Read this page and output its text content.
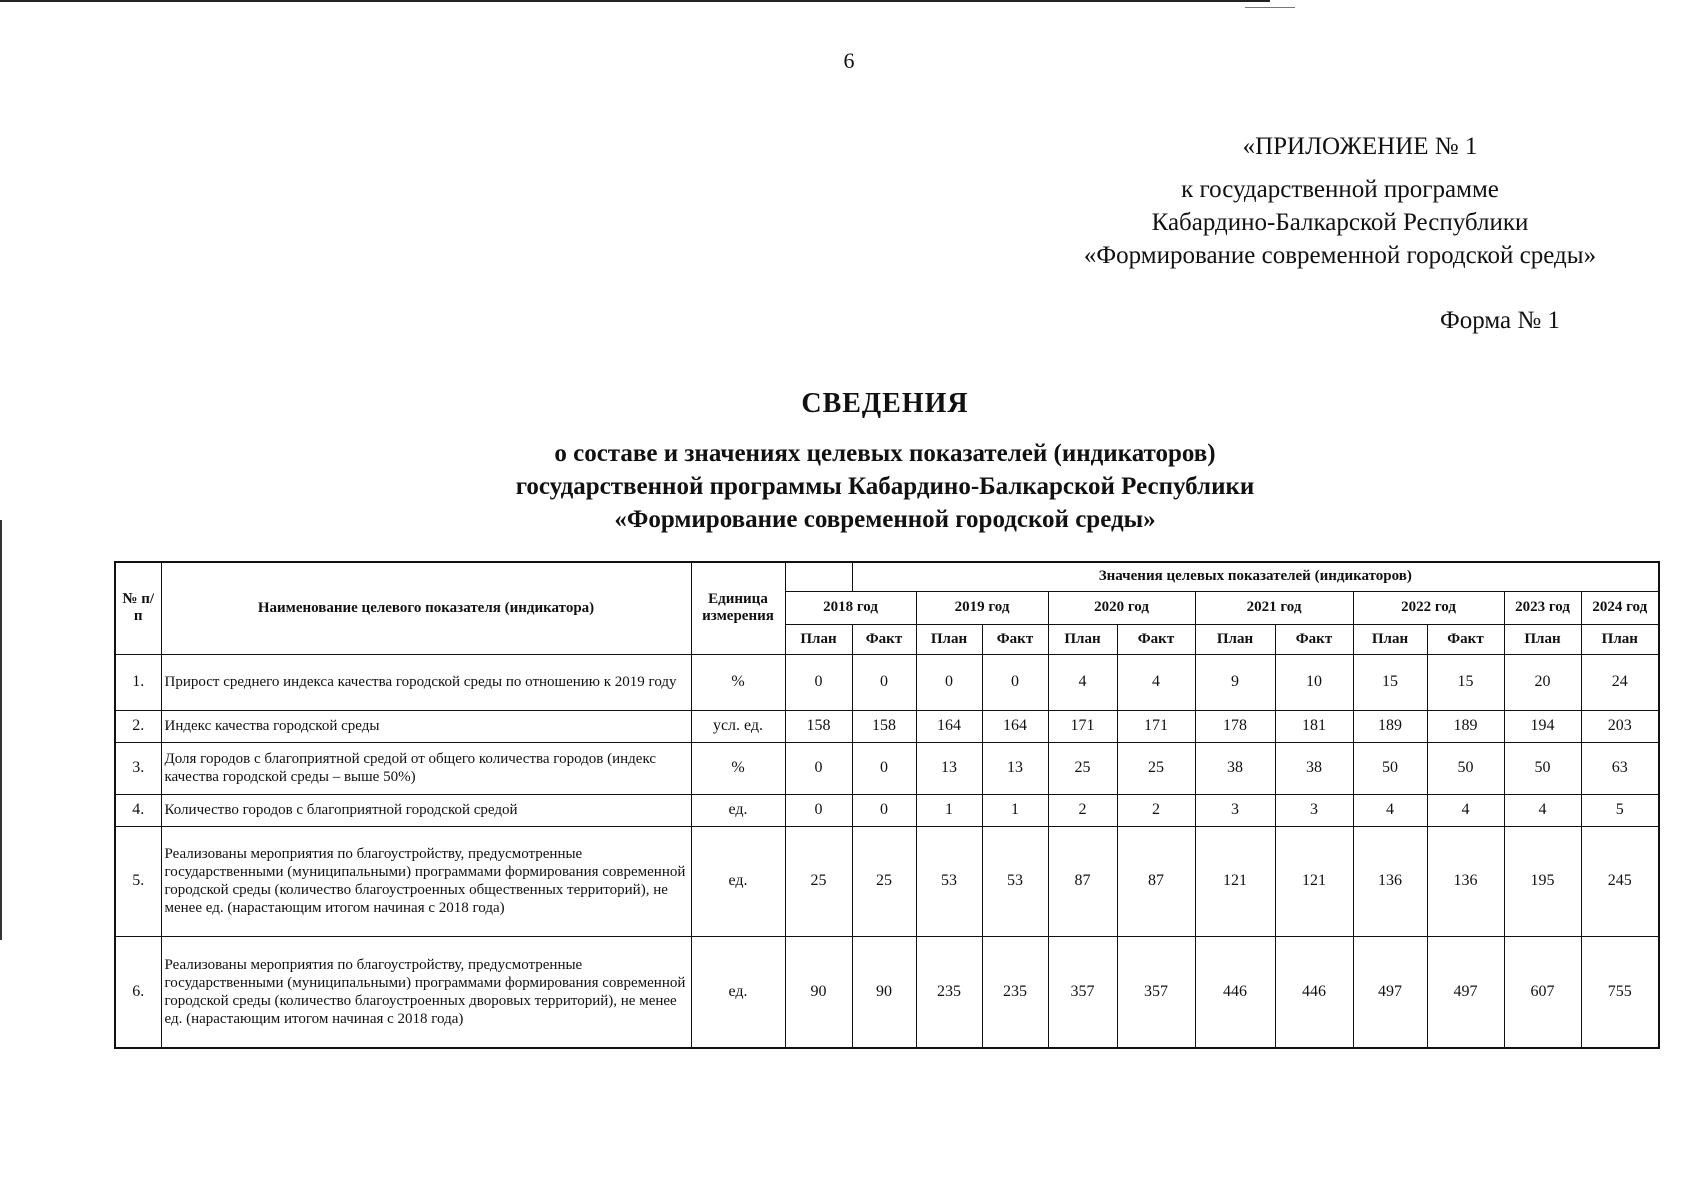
6
«ПРИЛОЖЕНИЕ № 1
к государственной программе
Кабардино-Балкарской Республики
«Формирование современной городской среды»
Форма № 1
СВЕДЕНИЯ
о составе и значениях целевых показателей (индикаторов)
государственной программы Кабардино-Балкарской Республики
«Формирование современной городской среды»
№ п/п	Наименование целевого показателя (индикатора)	Единица измерения		Значения целевых показателей (индикаторов)										
			2018 год		2019 год		2020 год		2021 год		2022 год		2023 год	2024 год
			План	Факт	План	Факт	План	Факт	План	Факт	План	Факт	План	План
1.	Прирост среднего индекса качества городской среды по отношению к 2019 году	%	0	0	0	0	4	4	9	10	15	15	20	24
2.	Индекс качества городской среды	усл. ед.	158	158	164	164	171	171	178	181	189	189	194	203
3.	Доля городов с благоприятной средой от общего количества городов (индекс качества городской среды – выше 50%)	%	0	0	13	13	25	25	38	38	50	50	50	63
4.	Количество городов с благоприятной городской средой	ед.	0	0	1	1	2	2	3	3	4	4	4	5
5.	Реализованы мероприятия по благоустройству, предусмотренные государственными (муниципальными) программами формирования современной городской среды (количество благоустроенных общественных территорий), не менее ед. (нарастающим итогом начиная с 2018 года)	ед.	25	25	53	53	87	87	121	121	136	136	195	245
6.	Реализованы мероприятия по благоустройству, предусмотренные государственными (муниципальными) программами формирования современной городской среды (количество благоустроенных дворовых территорий), не менее ед. (нарастающим итогом начиная с 2018 года)	ед.	90	90	235	235	357	357	446	446	497	497	607	755
